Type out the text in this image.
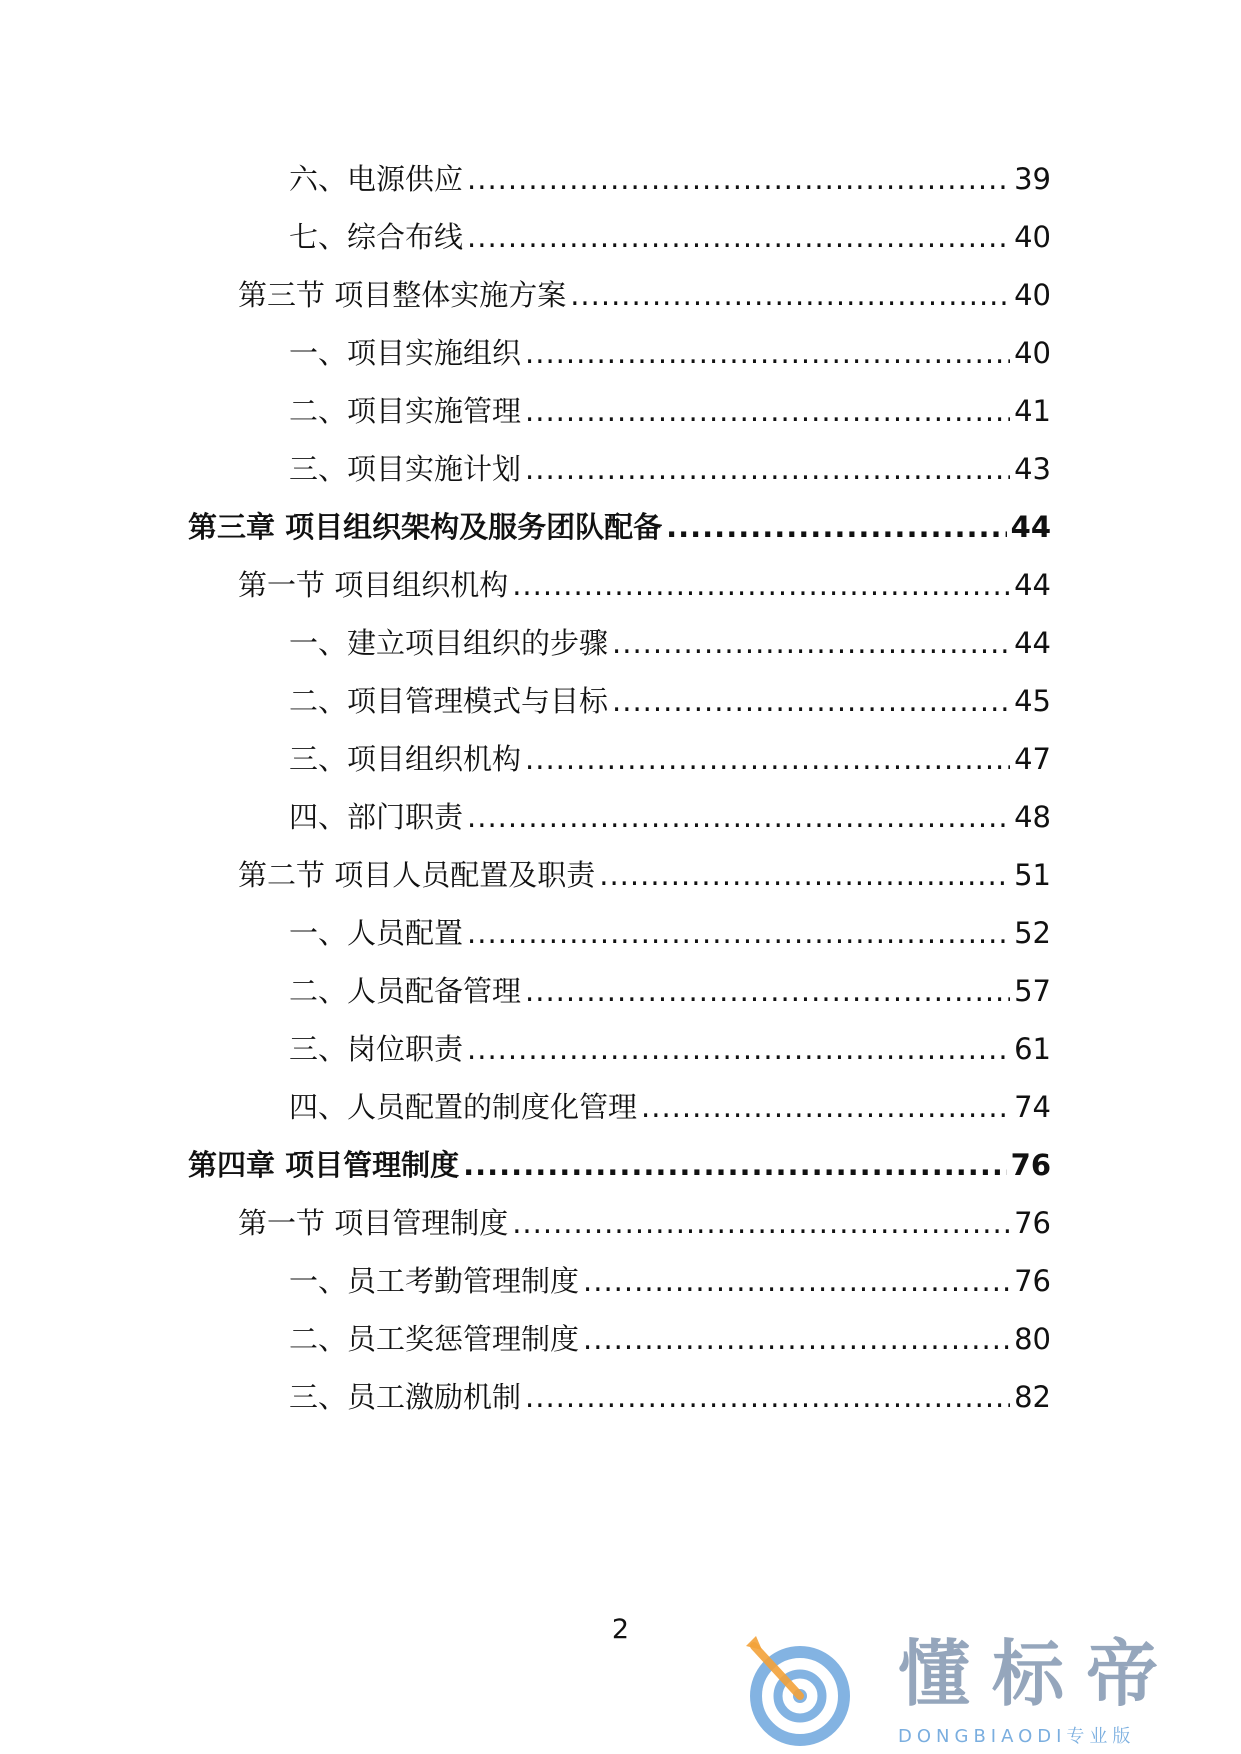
六、电源供应 .....	39
七、综合布线 .....	40
第三节 项目整体实施方案 .....	40
一、项目实施组织 .....	40
二、项目实施管理 .....	41
三、项目实施计划 .....	43
第三章 项目组织架构及服务团队配备 .....	44
第一节 项目组织机构 .....	44
一、建立项目组织的步骤 .....	44
二、项目管理模式与目标 .....	45
三、项目组织机构 .....	47
四、部门职责 .....	48
第二节 项目人员配置及职责 .....	51
一、人员配置 .....	52
二、人员配备管理 .....	57
三、岗位职责 .....	61
四、人员配置的制度化管理 .....	74
第四章 项目管理制度 .....	76
第一节 项目管理制度 .....	76
一、员工考勤管理制度 .....	76
二、员工奖惩管理制度 .....	80
三、员工激励机制 .....	82
2
懂标帝
DONGBIAODI专业版
